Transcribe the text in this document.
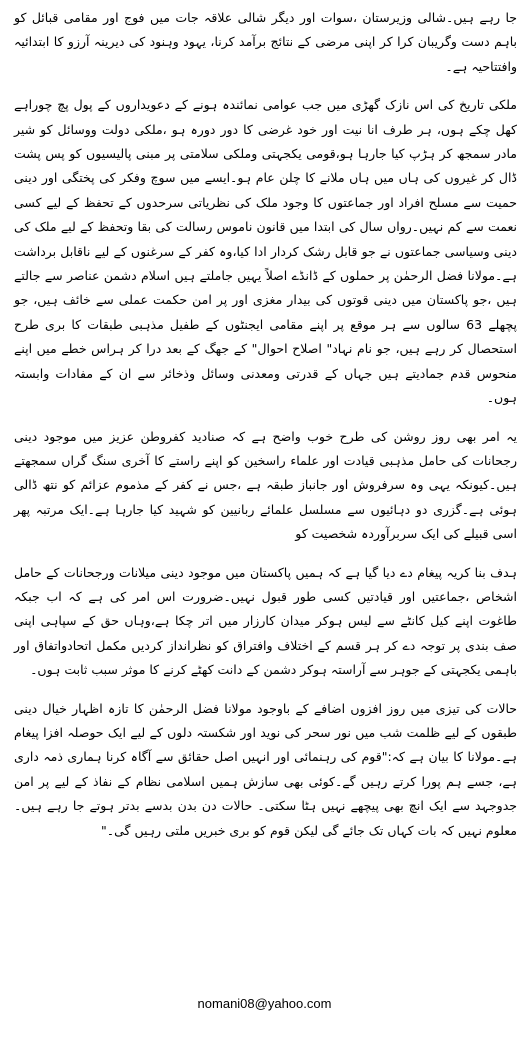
جا رہے ہیں۔شالی وزیرستان ،سوات اور دیگر شالی علاقہ جات میں فوج اور مقامی قبائل کو باہم دست وگریبان کرا کر اپنی مرضی کے نتائج برآمد کرنا، یہود وہنود کی دیرینہ آرزو کا ابتدائیہ وافتتاحیہ ہے۔

ملکی تاریخ کی اس نازک گھڑی میں جب عوامی نمائندہ ہونے کے دعویداروں کے پول پچ چوراہے کھل چکے ہوں، ہر طرف انا نیت اور خود غرضی کا دور دورہ ہو ،ملکی دولت ووسائل کو شیر مادر سمجھ کر ہڑپ کیا جارہا ہو،قومی یکجہتی وملکی سلامتی پر مبنی پالیسیوں کو پس پشت ڈال کر غیروں کی ہاں میں ہاں ملانے کا چلن عام ہو۔ایسے میں سوچ وفکر کی پختگی اور دینی حمیت سے مسلح افراد اور جماعتوں کا وجود ملک کی نظریاتی سرحدوں کے تحفظ کے لیے کسی نعمت سے کم نہیں۔رواں سال کی ابتدا میں قانون ناموس رسالت کی بقا وتحفظ کے لیے ملک کی دینی وسیاسی جماعتوں نے جو قابل رشک کردار ادا کیا،وہ کفر کے سرغنوں کے لیے ناقابل برداشت ہے۔مولانا فضل الرحمٰن پر حملوں کے ڈانڈے اصلاً یہیں جاملتے ہیں اسلام دشمن عناصر سے جالتے ہیں ،جو پاکستان میں دینی قوتوں کی بیدار مغزی اور پر امن حکمت عملی سے خائف ہیں، جو پچھلے 63 سالوں سے ہر موقع پر اپنے مقامی ایجنٹوں کے طفیل مذہبی طبقات کا بری طرح استحصال کر رہے ہیں، جو نام نہاد" اصلاح احوال" کے جھگ کے بعد درا کر ہراس خطے میں اپنے منحوس قدم جمادیتے ہیں جہاں کے قدرتی ومعدنی وسائل وذخائر سے ان کے مفادات وابستہ ہوں۔

یہ امر بھی روز روشن کی طرح خوب واضح ہے کہ صنادید کفروطن عزیز میں موجود دینی رجحانات کی حامل مذہبی قیادت اور علماء راسخین کو اپنے راستے کا آخری سنگ گراں سمجھتے ہیں۔کیونکہ یہی وہ سرفروش اور جانباز طبقہ ہے ،جس نے کفر کے مذموم عزائم کو نتھ ڈالی ہوئی ہے۔گزری دو دہائیوں سے مسلسل علمائے ربانیین کو شہید کیا جارہا ہے۔ایک مرتبہ پھر اسی قبیلے کی ایک سربرآوردہ شخصیت کو

ہدف بنا کریہ پیغام دے دیا گیا ہے کہ ہمیں پاکستان میں موجود دینی میلانات ورجحانات کے حامل اشخاص ،جماعتیں اور قیادتیں کسی طور قبول نہیں۔ضرورت اس امر کی ہے کہ اب جبکہ طاغوت اپنے کیل کانٹے سے لیس ہوکر میدان کارزار میں اتر چکا ہے،وہاں حق کے سپاہی اپنی صف بندی پر توجہ دے کر ہر قسم کے اختلاف وافتراق کو نظرانداز کردیں مکمل اتحادواتفاق اور باہمی یکجہتی کے جوہر سے آراستہ ہوکر دشمن کے دانت کھٹے کرنے کا موثر سبب ثابت ہوں۔

حالات کی تیزی میں روز افزوں اضافے کے باوجود مولانا فضل الرحمٰن کا تازہ اظہار خیال دینی طبقوں کے لیے ظلمت شب میں نور سحر کی نوید اور شکستہ دلوں کے لیے ایک حوصلہ افزا پیغام ہے۔مولانا کا بیان ہے کہ:"قوم کی رہنمائی اور انہیں اصل حقائق سے آگاہ کرنا ہماری ذمہ داری ہے، جسے ہم پورا کرتے رہیں گے۔کوئی بھی سازش ہمیں اسلامی نظام کے نفاذ کے لیے پر امن جدوجہد سے ایک انچ بھی پیچھے نہیں ہٹا سکتی۔ حالات دن بدن بدسے بدتر ہوتے جا رہے ہیں۔معلوم نہیں کہ بات کہاں تک جائے گی لیکن قوم کو بری خبریں ملتی رہیں گی۔"

nomani08@yahoo.com
